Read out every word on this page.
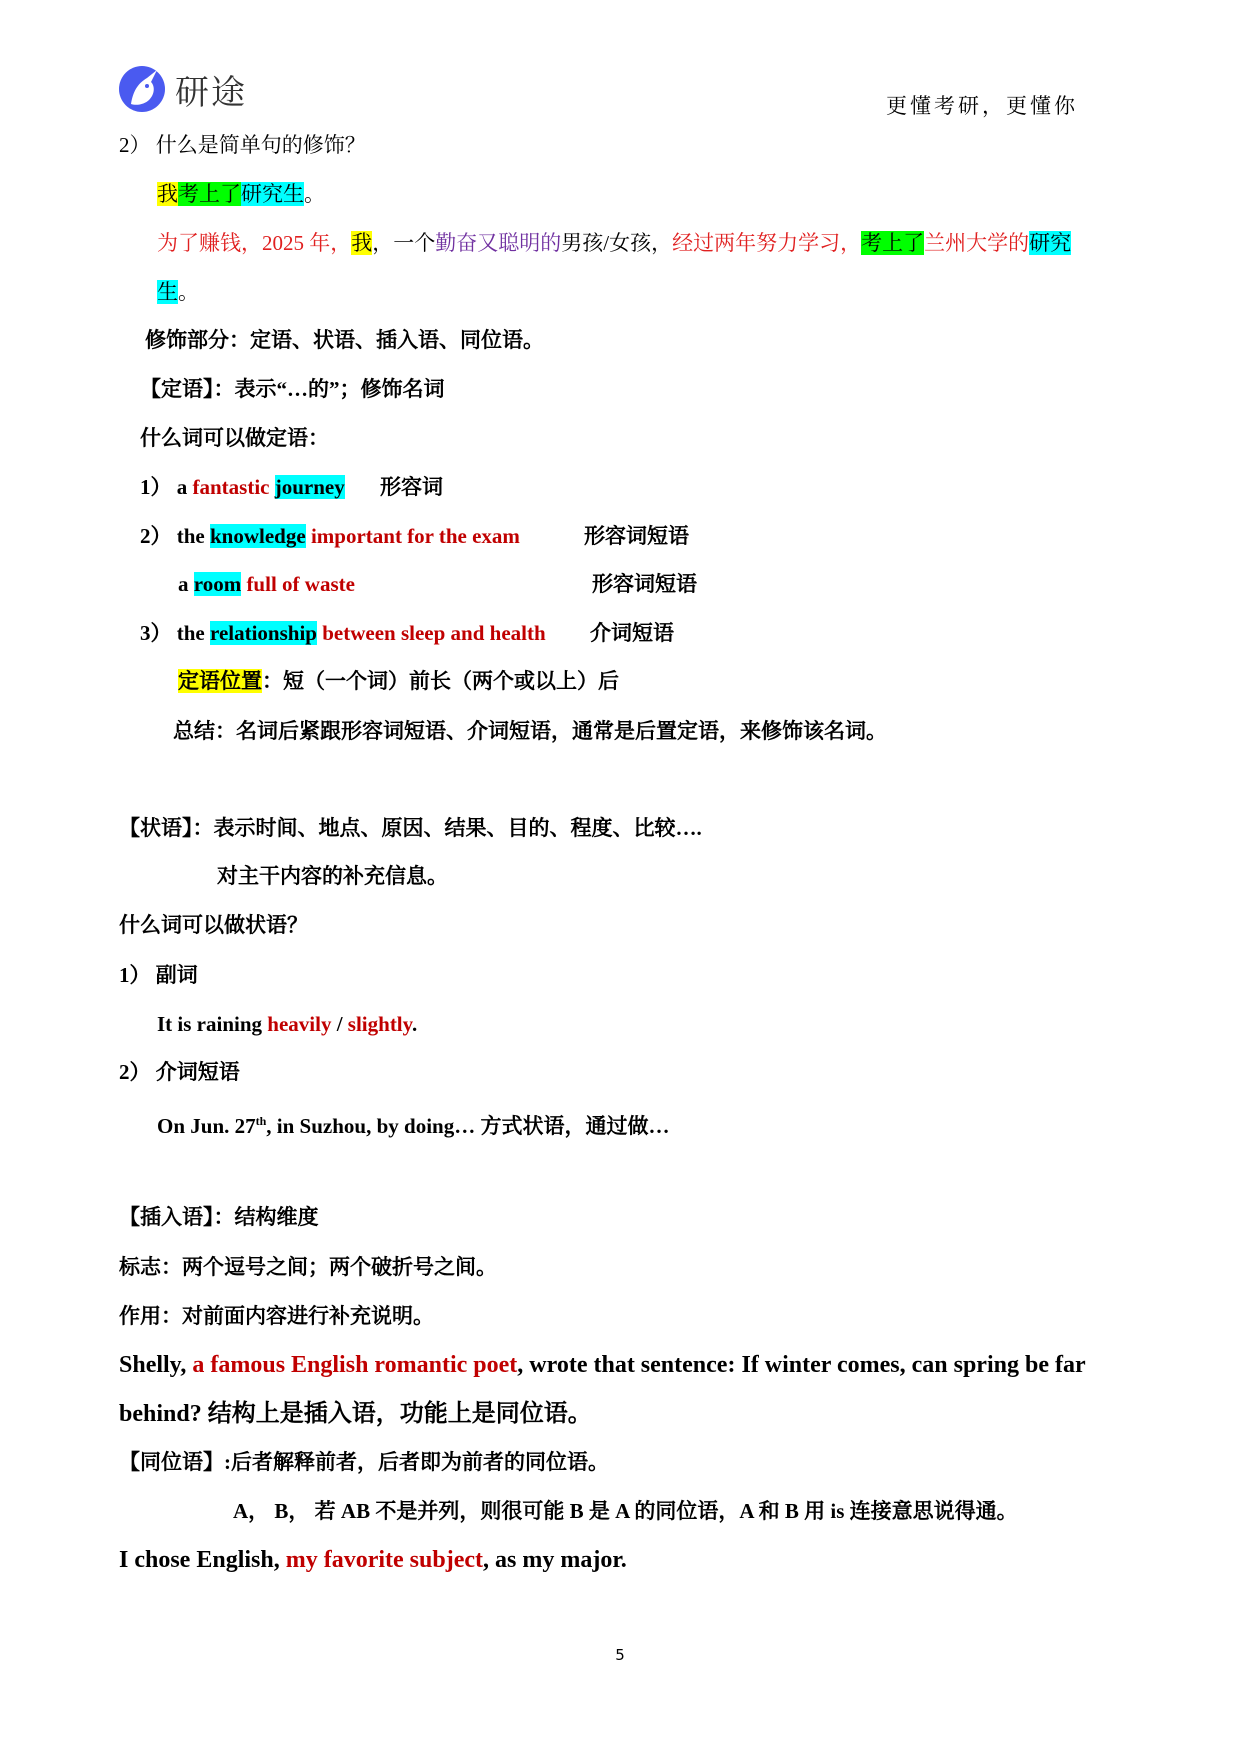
研途	更懂考研，更懂你
2） 什么是简单句的修饰？
我考上了研究生。
为了赚钱，2025 年，我，一个勤奋又聪明的男孩/女孩，经过两年努力学习，考上了兰州大学的研究
生。
修饰部分：定语、状语、插入语、同位语。
【定语】：表示“…的”；修饰名词
什么词可以做定语：
1） a fantastic journey 形容词
2） the knowledge important for the exam	形容词短语
a room full of waste	形容词短语
3） the relationship between sleep and health 介词短语
定语位置：短（一个词）前长（两个或以上）后
总结：名词后紧跟形容词短语、介词短语，通常是后置定语，来修饰该名词。
【状语】：表示时间、地点、原因、结果、目的、程度、比较….
对主干内容的补充信息。
什么词可以做状语？
1） 副词
It is raining heavily / slightly.
2） 介词短语
On Jun. 27th, in Suzhou, by doing… 方式状语，通过做…
【插入语】：结构维度
标志：两个逗号之间；两个破折号之间。
作用：对前面内容进行补充说明。
Shelly, a famous English romantic poet, wrote that sentence: If winter comes, can spring be far
behind? 结构上是插入语，功能上是同位语。
【同位语】:后者解释前者，后者即为前者的同位语。
A， B， 若 AB 不是并列，则很可能 B 是 A 的同位语，A 和 B 用 is 连接意思说得通。
I chose English, my favorite subject, as my major.
5
